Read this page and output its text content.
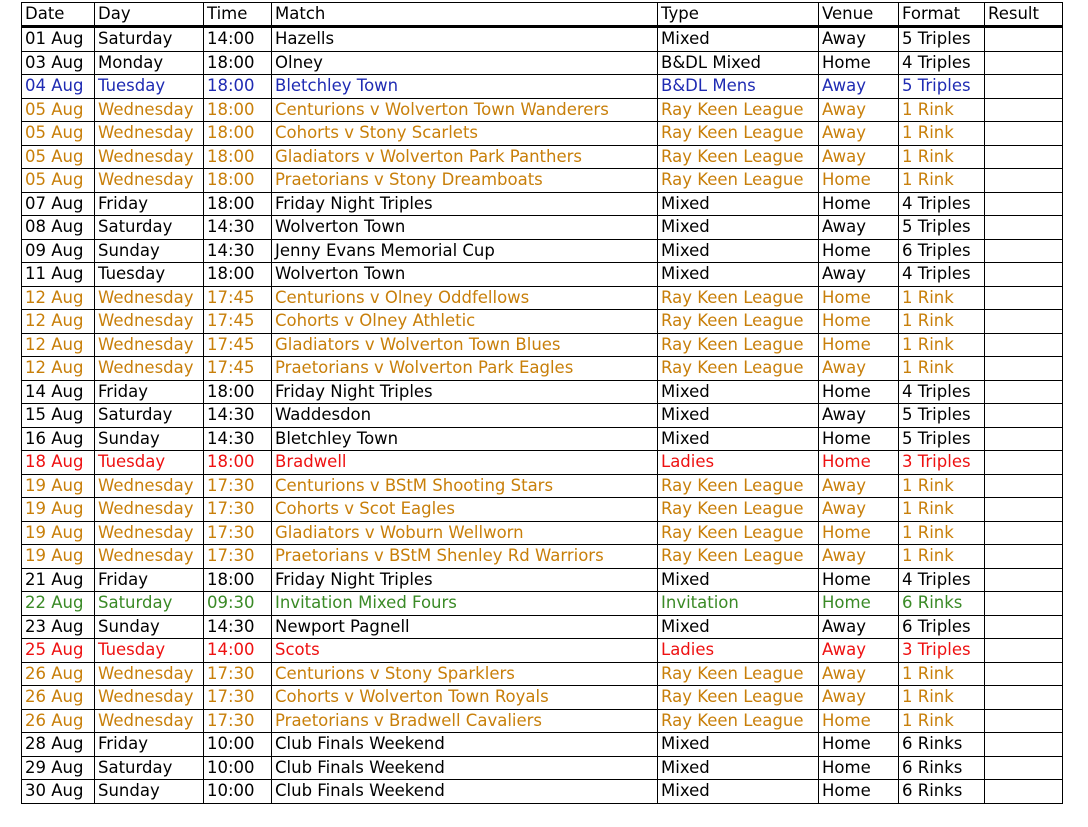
Date	Day	Time	Match	Type	Venue	Format	Result
01 Aug	Saturday	14:00	Hazells	Mixed	Away	5 Triples	
03 Aug	Monday	18:00	Olney	B&DL Mixed	Home	4 Triples	
04 Aug	Tuesday	18:00	Bletchley Town	B&DL Mens	Away	5 Triples	
05 Aug	Wednesday	18:00	Centurions v Wolverton Town Wanderers	Ray Keen League	Away	1 Rink	
05 Aug	Wednesday	18:00	Cohorts v Stony Scarlets	Ray Keen League	Away	1 Rink	
05 Aug	Wednesday	18:00	Gladiators v Wolverton Park Panthers	Ray Keen League	Away	1 Rink	
05 Aug	Wednesday	18:00	Praetorians v Stony Dreamboats	Ray Keen League	Home	1 Rink	
07 Aug	Friday	18:00	Friday Night Triples	Mixed	Home	4 Triples	
08 Aug	Saturday	14:30	Wolverton Town	Mixed	Away	5 Triples	
09 Aug	Sunday	14:30	Jenny Evans Memorial Cup	Mixed	Home	6 Triples	
11 Aug	Tuesday	18:00	Wolverton Town	Mixed	Away	4 Triples	
12 Aug	Wednesday	17:45	Centurions v Olney Oddfellows	Ray Keen League	Home	1 Rink	
12 Aug	Wednesday	17:45	Cohorts v Olney Athletic	Ray Keen League	Home	1 Rink	
12 Aug	Wednesday	17:45	Gladiators v Wolverton Town Blues	Ray Keen League	Home	1 Rink	
12 Aug	Wednesday	17:45	Praetorians v Wolverton Park Eagles	Ray Keen League	Away	1 Rink	
14 Aug	Friday	18:00	Friday Night Triples	Mixed	Home	4 Triples	
15 Aug	Saturday	14:30	Waddesdon	Mixed	Away	5 Triples	
16 Aug	Sunday	14:30	Bletchley Town	Mixed	Home	5 Triples	
18 Aug	Tuesday	18:00	Bradwell	Ladies	Home	3 Triples	
19 Aug	Wednesday	17:30	Centurions v BStM Shooting Stars	Ray Keen League	Away	1 Rink	
19 Aug	Wednesday	17:30	Cohorts v Scot Eagles	Ray Keen League	Away	1 Rink	
19 Aug	Wednesday	17:30	Gladiators v Woburn Wellworn	Ray Keen League	Home	1 Rink	
19 Aug	Wednesday	17:30	Praetorians v BStM Shenley Rd Warriors	Ray Keen League	Away	1 Rink	
21 Aug	Friday	18:00	Friday Night Triples	Mixed	Home	4 Triples	
22 Aug	Saturday	09:30	Invitation Mixed Fours	Invitation	Home	6 Rinks	
23 Aug	Sunday	14:30	Newport Pagnell	Mixed	Away	6 Triples	
25 Aug	Tuesday	14:00	Scots	Ladies	Away	3 Triples	
26 Aug	Wednesday	17:30	Centurions v Stony Sparklers	Ray Keen League	Away	1 Rink	
26 Aug	Wednesday	17:30	Cohorts v Wolverton Town Royals	Ray Keen League	Away	1 Rink	
26 Aug	Wednesday	17:30	Praetorians v Bradwell Cavaliers	Ray Keen League	Home	1 Rink	
28 Aug	Friday	10:00	Club Finals Weekend	Mixed	Home	6 Rinks	
29 Aug	Saturday	10:00	Club Finals Weekend	Mixed	Home	6 Rinks	
30 Aug	Sunday	10:00	Club Finals Weekend	Mixed	Home	6 Rinks	
